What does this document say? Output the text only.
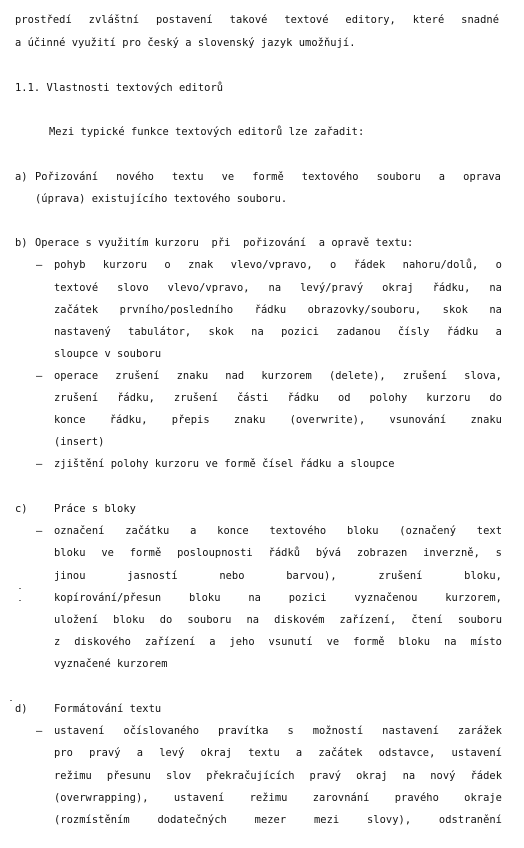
prostředí zvláštní postavení takové textové editory, které snadné
a účinné využití pro český a slovenský jazyk umožňují.
1.1. Vlastnosti textových editorů
Mezi typické funkce textových editorů lze zařadit:
a) Pořizování nového textu ve formě textového souboru a oprava
(úprava) existujícího textového souboru.
b) Operace s využitím kurzoru  při  pořizování  a opravě textu:
– pohyb kurzoru o znak vlevo/vpravo, o řádek nahoru/dolů, o
textové slovo vlevo/vpravo, na levý/pravý okraj řádku, na
začátek prvního/posledního řádku obrazovky/souboru, skok na
nastavený tabulátor, skok na pozici zadanou čísly řádku a
sloupce v souboru
– operace zrušení znaku nad kurzorem (delete), zrušení slova,
zrušení řádku, zrušení části řádku od polohy kurzoru do
konce řádku, přepis znaku (overwrite), vsunování znaku
(insert)
– zjištění polohy kurzoru ve formě čísel řádku a sloupce
c)	Práce s bloky
– označení začátku a konce textového bloku (označený text
bloku ve formě posloupnosti řádků bývá zobrazen inverzně, s
jinou jasností nebo barvou), zrušení bloku,
kopírování/přesun bloku na pozici vyznačenou kurzorem,
uložení bloku do souboru na diskovém zařízení, čtení souboru
z diskového zařízení a jeho vsunutí ve formě bloku na místo
vyznačené kurzorem
d)	Formátování textu
– ustavení očíslovaného pravítka s možností nastavení zarážek
pro pravý a levý okraj textu a začátek odstavce, ustavení
režimu přesunu slov překračujících pravý okraj na nový řádek
(overwrapping), ustavení režimu zarovnání pravého okraje
(rozmístěním dodatečných mezer mezi slovy), odstranění
